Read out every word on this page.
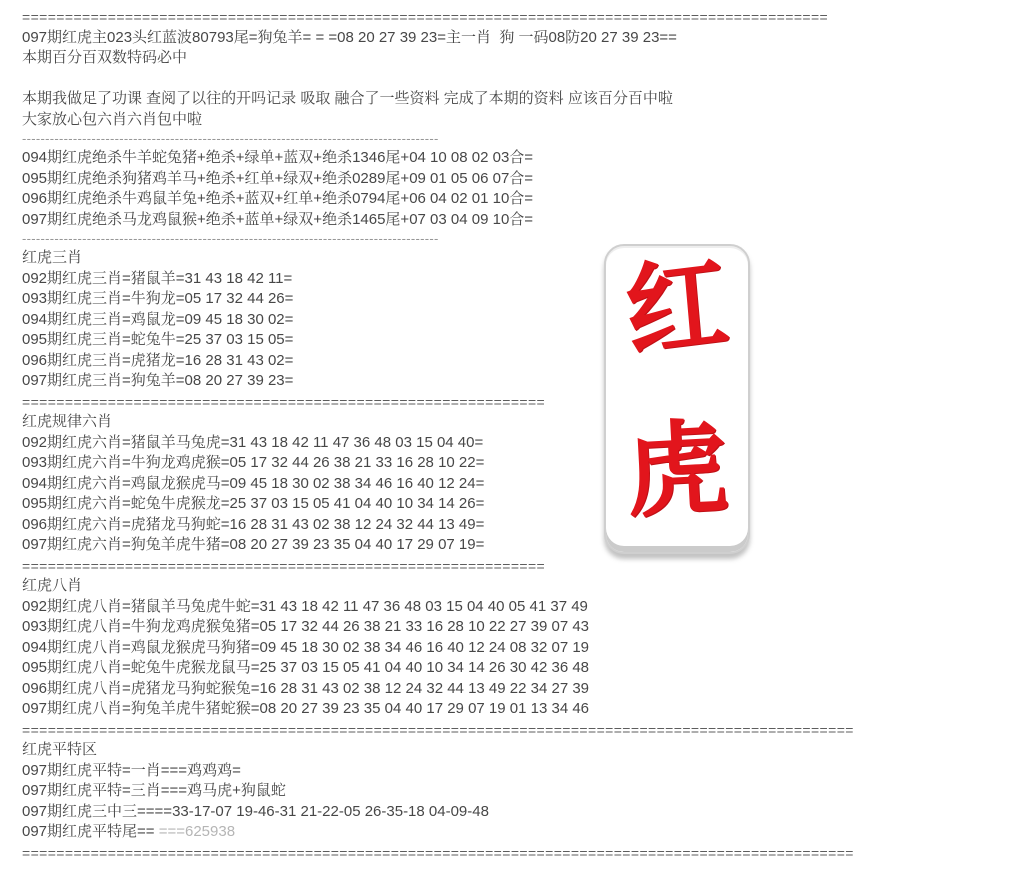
==============================================================================================
097期红虎主023头红蓝波80793尾=狗兔羊= = =08 20 27 39 23=主一肖  狗 一码08防20 27 39 23==
本期百分百双数特码必中
本期我做足了功课 查阅了以往的开吗记录 吸取 融合了一些资料 完成了本期的资料 应该百分百中啦
大家放心包六肖六肖包中啦
------------------------------------------------------------------------------------------
094期红虎绝杀牛羊蛇兔猪+绝杀+绿单+蓝双+绝杀1346尾+04 10 08 02 03合=
095期红虎绝杀狗猪鸡羊马+绝杀+红单+绿双+绝杀0289尾+09 01 05 06 07合=
096期红虎绝杀牛鸡鼠羊兔+绝杀+蓝双+红单+绝杀0794尾+06 04 02 01 10合=
097期红虎绝杀马龙鸡鼠猴+绝杀+蓝单+绿双+绝杀1465尾+07 03 04 09 10合=
------------------------------------------------------------------------------------------
红虎三肖
092期红虎三肖=猪鼠羊=31 43 18 42 11=
093期红虎三肖=牛狗龙=05 17 32 44 26=
094期红虎三肖=鸡鼠龙=09 45 18 30 02=
095期红虎三肖=蛇兔牛=25 37 03 15 05=
096期红虎三肖=虎猪龙=16 28 31 43 02=
097期红虎三肖=狗兔羊=08 20 27 39 23=
=============================================================
红虎规律六肖
092期红虎六肖=猪鼠羊马兔虎=31 43 18 42 11 47 36 48 03 15 04 40=
093期红虎六肖=牛狗龙鸡虎猴=05 17 32 44 26 38 21 33 16 28 10 22=
094期红虎六肖=鸡鼠龙猴虎马=09 45 18 30 02 38 34 46 16 40 12 24=
095期红虎六肖=蛇兔牛虎猴龙=25 37 03 15 05 41 04 40 10 34 14 26=
096期红虎六肖=虎猪龙马狗蛇=16 28 31 43 02 38 12 24 32 44 13 49=
097期红虎六肖=狗兔羊虎牛猪=08 20 27 39 23 35 04 40 17 29 07 19=
=============================================================
红虎八肖
092期红虎八肖=猪鼠羊马兔虎牛蛇=31 43 18 42 11 47 36 48 03 15 04 40 05 41 37 49
093期红虎八肖=牛狗龙鸡虎猴兔猪=05 17 32 44 26 38 21 33 16 28 10 22 27 39 07 43
094期红虎八肖=鸡鼠龙猴虎马狗猪=09 45 18 30 02 38 34 46 16 40 12 24 08 32 07 19
095期红虎八肖=蛇兔牛虎猴龙鼠马=25 37 03 15 05 41 04 40 10 34 14 26 30 42 36 48
096期红虎八肖=虎猪龙马狗蛇猴兔=16 28 31 43 02 38 12 24 32 44 13 49 22 34 27 39
097期红虎八肖=狗兔羊虎牛猪蛇猴=08 20 27 39 23 35 04 40 17 29 07 19 01 13 34 46
=================================================================================================
红虎平特区
097期红虎平特=一肖===鸡鸡鸡=
097期红虎平特=三肖===鸡马虎+狗鼠蛇
097期红虎三中三====33-17-07 19-46-31 21-22-05 26-35-18 04-09-48
097期红虎平特尾== ===625938
=================================================================================================
红
虎
